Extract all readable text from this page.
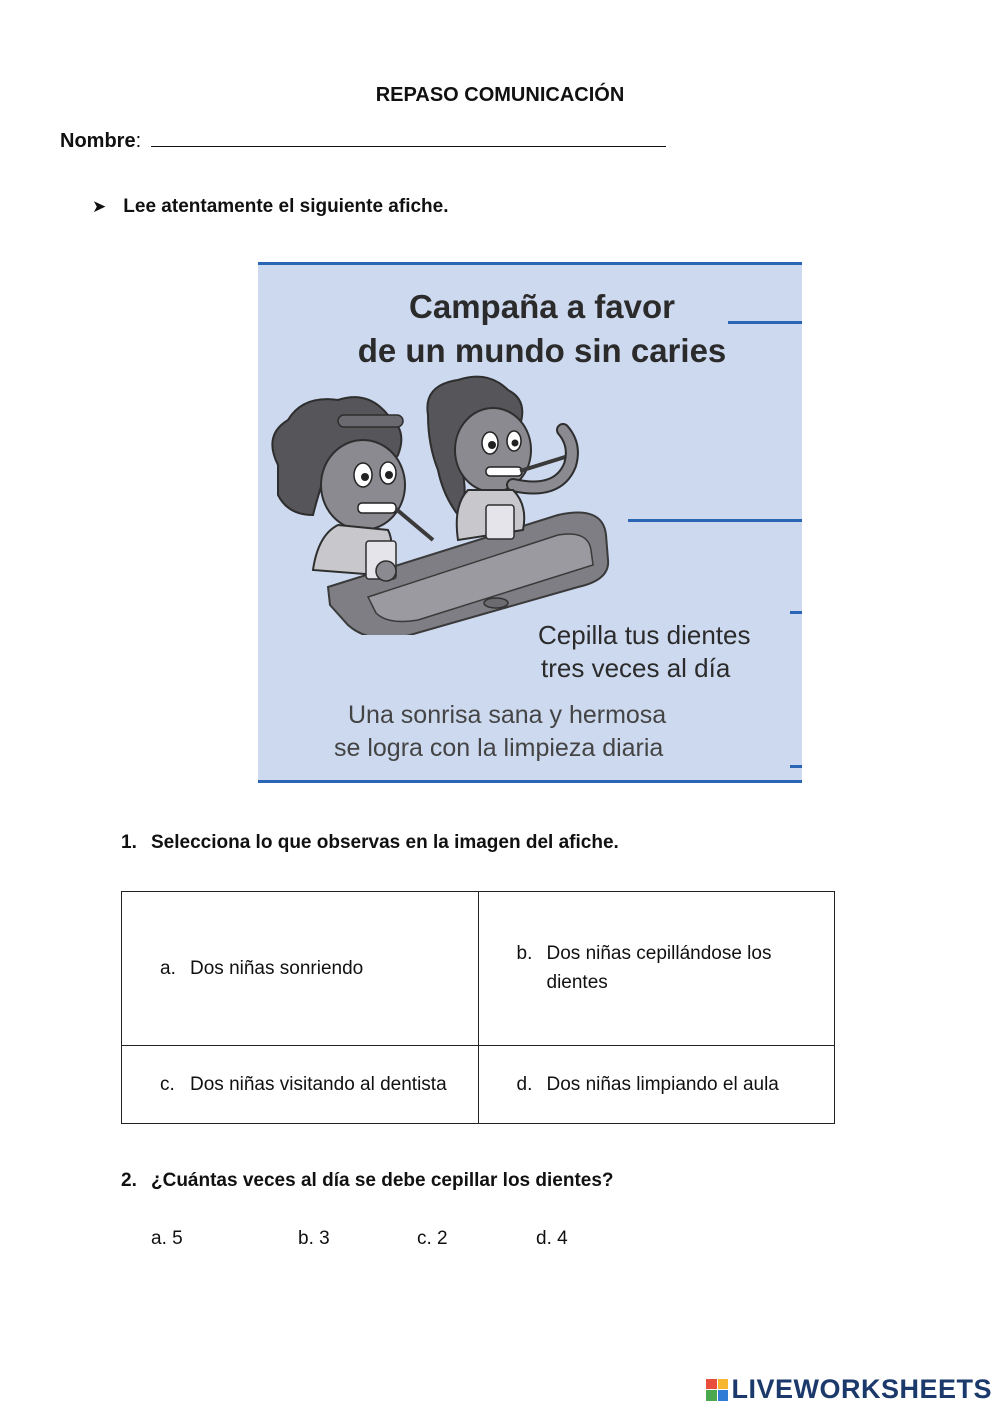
REPASO COMUNICACIÓN
Nombre:
➤ Lee atentamente el siguiente afiche.
Campaña a favor
de un mundo sin caries
Cepilla tus dientes
tres veces al día
Una sonrisa sana y hermosa
se logra con la limpieza diaria
1. Selecciona lo que observas en la imagen del afiche.
a. Dos niñas sonriendo	b. Dos niñas cepillándose los dientes

c. Dos niñas visitando al dentista	d. Dos niñas limpiando el aula
2. ¿Cuántas veces al día se debe cepillar los dientes?
a. 5	b. 3	c. 2	d. 4
LIVEWORKSHEETS
